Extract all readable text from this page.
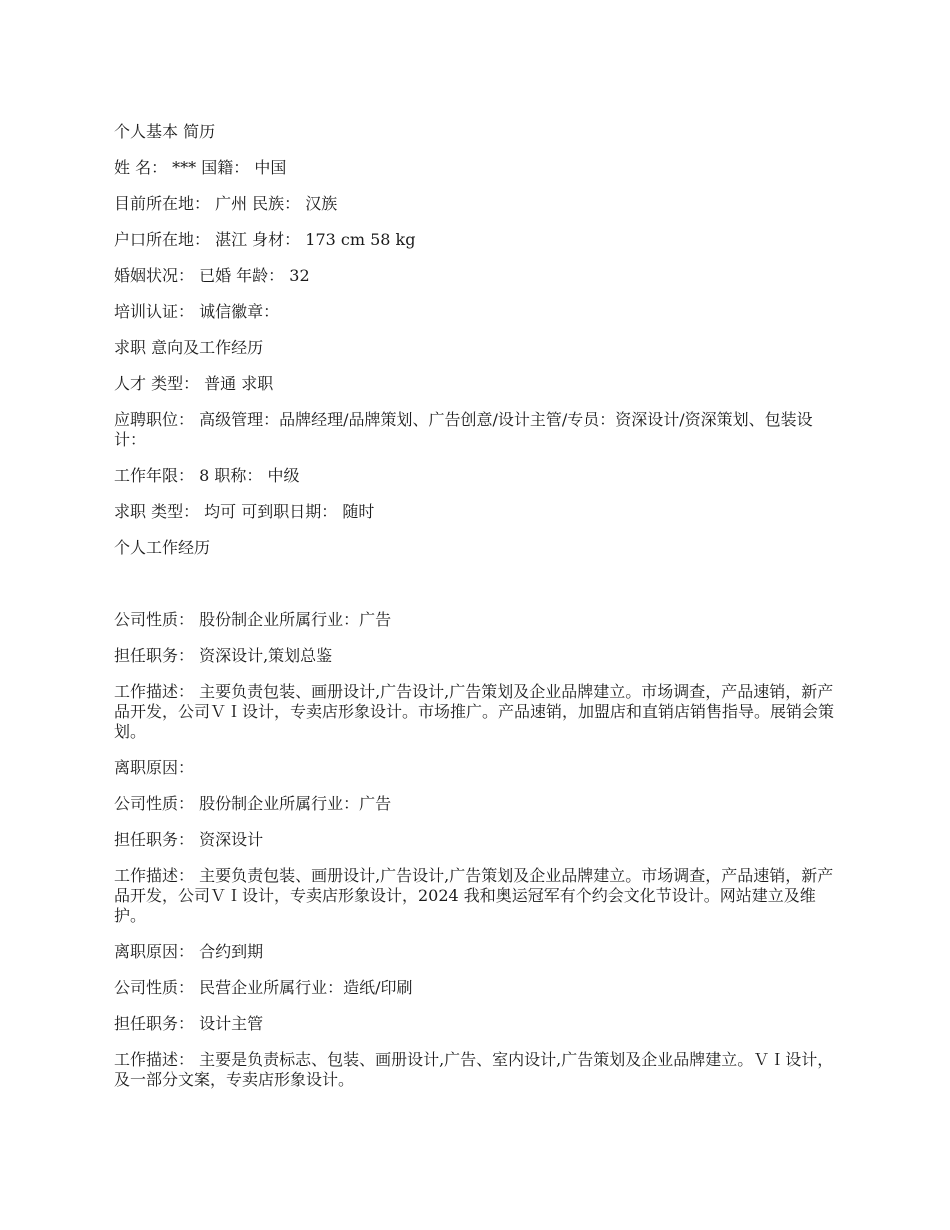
个人基本 简历

姓 名： *** 国籍： 中国

目前所在地： 广州 民族： 汉族

户口所在地： 湛江 身材： 173 cm 58 kg

婚姻状况： 已婚 年龄： 32

培训认证： 诚信徽章：

求职 意向及工作经历

人才 类型： 普通 求职

应聘职位： 高级管理：品牌经理/品牌策划、广告创意/设计主管/专员：资深设计/资深策划、包装设计：

工作年限： 8 职称： 中级

求职 类型： 均可 可到职日期： 随时

个人工作经历

公司性质： 股份制企业所属行业：广告

担任职务： 资深设计,策划总鉴

工作描述： 主要负责包装、画册设计,广告设计,广告策划及企业品牌建立。市场调查，产品速销，新产品开发，公司ＶＩ设计，专卖店形象设计。市场推广。产品速销，加盟店和直销店销售指导。展销会策划。

离职原因：

公司性质： 股份制企业所属行业：广告

担任职务： 资深设计

工作描述： 主要负责包装、画册设计,广告设计,广告策划及企业品牌建立。市场调查，产品速销，新产品开发，公司ＶＩ设计，专卖店形象设计，2024 我和奥运冠军有个约会文化节设计。网站建立及维护。

离职原因： 合约到期

公司性质： 民营企业所属行业：造纸/印刷

担任职务： 设计主管

工作描述： 主要是负责标志、包装、画册设计,广告、室内设计,广告策划及企业品牌建立。ＶＩ设计，及一部分文案，专卖店形象设计。
